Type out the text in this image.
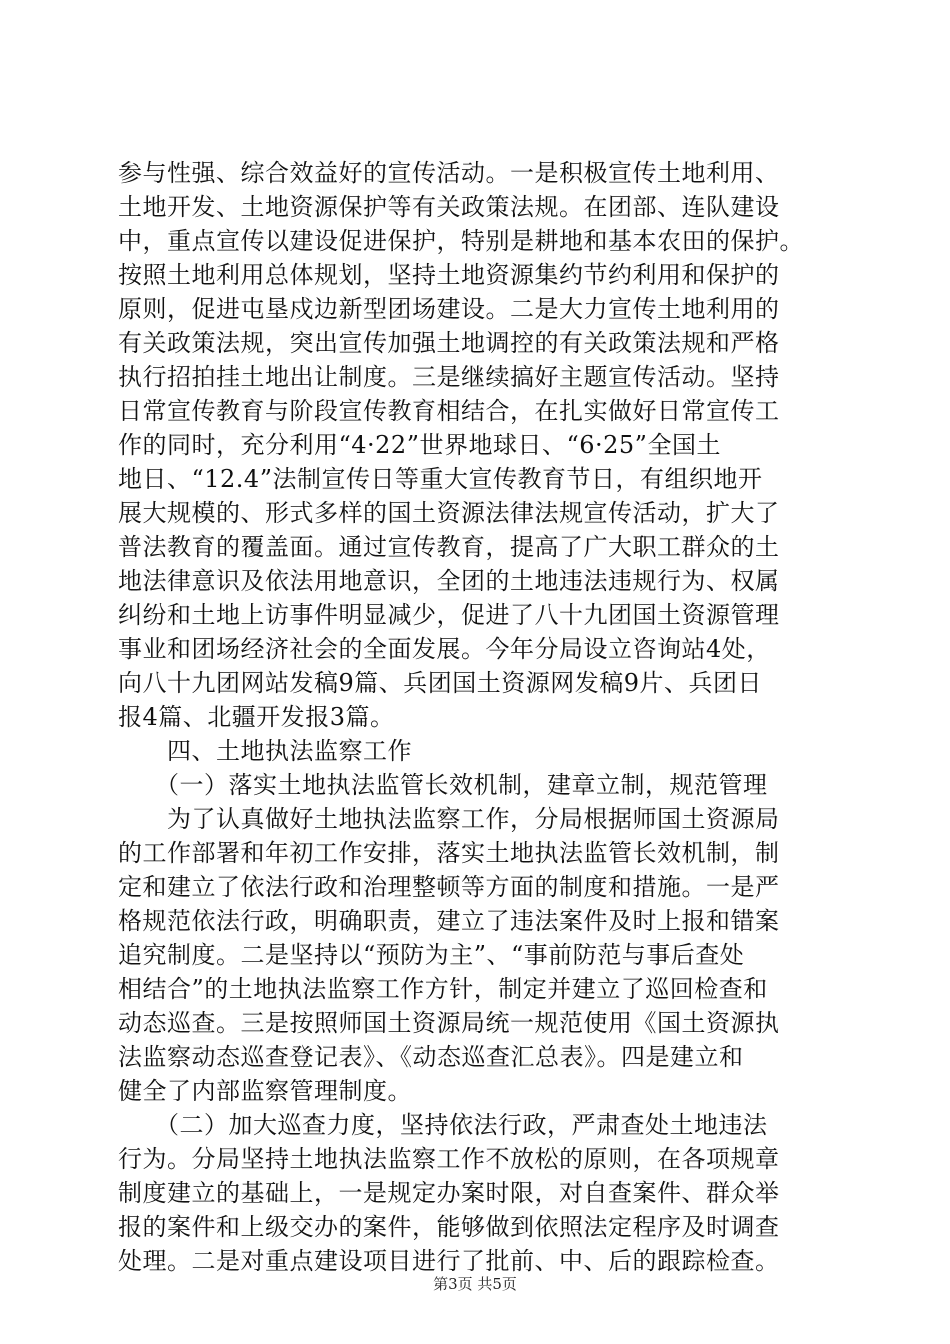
参与性强、综合效益好的宣传活动。一是积极宣传土地利用、
土地开发、土地资源保护等有关政策法规。在团部、连队建设
中，重点宣传以建设促进保护，特别是耕地和基本农田的保护。
按照土地利用总体规划，坚持土地资源集约节约利用和保护的
原则，促进屯垦戍边新型团场建设。二是大力宣传土地利用的
有关政策法规，突出宣传加强土地调控的有关政策法规和严格
执行招拍挂土地出让制度。三是继续搞好主题宣传活动。坚持
日常宣传教育与阶段宣传教育相结合，在扎实做好日常宣传工
作的同时，充分利用“4·22”世界地球日、“6·25”全国土
地日、“12.4”法制宣传日等重大宣传教育节日，有组织地开
展大规模的、形式多样的国土资源法律法规宣传活动，扩大了
普法教育的覆盖面。通过宣传教育，提高了广大职工群众的土
地法律意识及依法用地意识，全团的土地违法违规行为、权属
纠纷和土地上访事件明显减少，促进了八十九团国土资源管理
事业和团场经济社会的全面发展。今年分局设立咨询站4处，
向八十九团网站发稿9篇、兵团国土资源网发稿9片、兵团日
报4篇、北疆开发报3篇。
　　四、土地执法监察工作
　　（一）落实土地执法监管长效机制，建章立制，规范管理
　　为了认真做好土地执法监察工作，分局根据师国土资源局
的工作部署和年初工作安排，落实土地执法监管长效机制，制
定和建立了依法行政和治理整顿等方面的制度和措施。一是严
格规范依法行政，明确职责，建立了违法案件及时上报和错案
追究制度。二是坚持以“预防为主”、“事前防范与事后查处
相结合”的土地执法监察工作方针，制定并建立了巡回检查和
动态巡查。三是按照师国土资源局统一规范使用《国土资源执
法监察动态巡查登记表》、《动态巡查汇总表》。四是建立和
健全了内部监察管理制度。
　　（二）加大巡查力度，坚持依法行政，严肃查处土地违法
行为。分局坚持土地执法监察工作不放松的原则，在各项规章
制度建立的基础上，一是规定办案时限，对自查案件、群众举
报的案件和上级交办的案件，能够做到依照法定程序及时调查
处理。二是对重点建设项目进行了批前、中、后的跟踪检查。
第3页 共5页
